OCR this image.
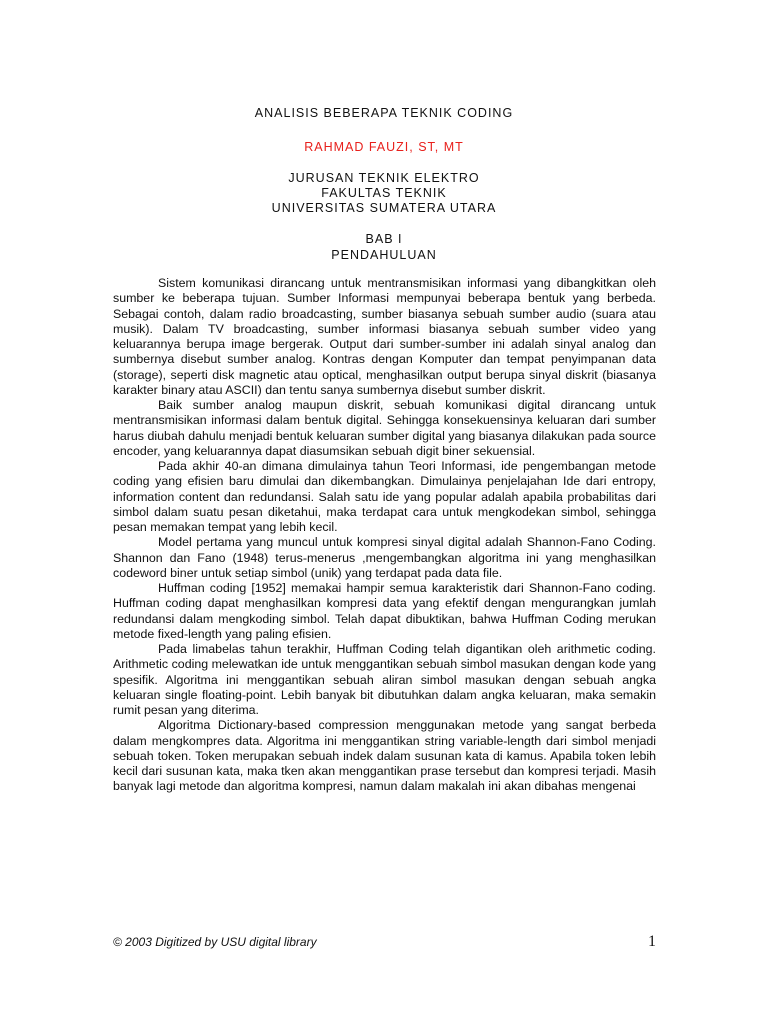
ANALISIS BEBERAPA TEKNIK CODING
RAHMAD FAUZI, ST, MT
JURUSAN TEKNIK ELEKTRO
FAKULTAS TEKNIK
UNIVERSITAS SUMATERA UTARA
BAB I
PENDAHULUAN

Sistem komunikasi dirancang untuk mentransmisikan informasi yang dibangkitkan oleh sumber ke beberapa tujuan. Sumber Informasi mempunyai beberapa bentuk yang berbeda. Sebagai contoh, dalam radio broadcasting, sumber biasanya sebuah sumber audio (suara atau musik). Dalam TV broadcasting, sumber informasi biasanya sebuah sumber video yang keluarannya berupa image bergerak. Output dari sumber-sumber ini adalah sinyal analog dan sumbernya disebut sumber analog. Kontras dengan Komputer dan tempat penyimpanan data (storage), seperti disk magnetic atau optical, menghasilkan output berupa sinyal diskrit (biasanya karakter binary atau ASCII) dan tentu sanya sumbernya disebut sumber diskrit.

Baik sumber analog maupun diskrit, sebuah komunikasi digital dirancang untuk mentransmisikan informasi dalam bentuk digital. Sehingga konsekuensinya keluaran dari sumber harus diubah dahulu menjadi bentuk keluaran sumber digital yang biasanya dilakukan pada source encoder, yang keluarannya dapat diasumsikan sebuah digit biner sekuensial.

Pada akhir 40-an dimana dimulainya tahun Teori Informasi, ide pengembangan metode coding yang efisien baru dimulai dan dikembangkan. Dimulainya penjelajahan Ide dari entropy, information content dan redundansi. Salah satu ide yang popular adalah apabila probabilitas dari simbol dalam suatu pesan diketahui, maka terdapat cara untuk mengkodekan simbol, sehingga pesan memakan tempat yang lebih kecil.

Model pertama yang muncul untuk kompresi sinyal digital adalah Shannon-Fano Coding. Shannon dan Fano (1948) terus-menerus ,mengembangkan algoritma ini yang menghasilkan codeword biner untuk setiap simbol (unik) yang terdapat pada data file.

Huffman coding [1952] memakai hampir semua karakteristik dari Shannon-Fano coding. Huffman coding dapat menghasilkan kompresi data yang efektif dengan mengurangkan jumlah redundansi dalam mengkoding simbol. Telah dapat dibuktikan, bahwa Huffman Coding merukan metode fixed-length yang paling efisien.

Pada limabelas tahun terakhir, Huffman Coding telah digantikan oleh arithmetic coding. Arithmetic coding melewatkan ide untuk menggantikan sebuah simbol masukan dengan kode yang spesifik. Algoritma ini menggantikan sebuah aliran simbol masukan dengan sebuah angka keluaran single floating-point. Lebih banyak bit dibutuhkan dalam angka keluaran, maka semakin rumit pesan yang diterima.

Algoritma Dictionary-based compression menggunakan metode yang sangat berbeda dalam mengkompres data. Algoritma ini menggantikan string variable-length dari simbol menjadi sebuah token. Token merupakan sebuah indek dalam susunan kata di kamus. Apabila token lebih kecil dari susunan kata, maka tken akan menggantikan prase tersebut dan kompresi terjadi. Masih banyak lagi metode dan algoritma kompresi, namun dalam makalah ini akan dibahas mengenai

© 2003 Digitized by USU digital library	1
